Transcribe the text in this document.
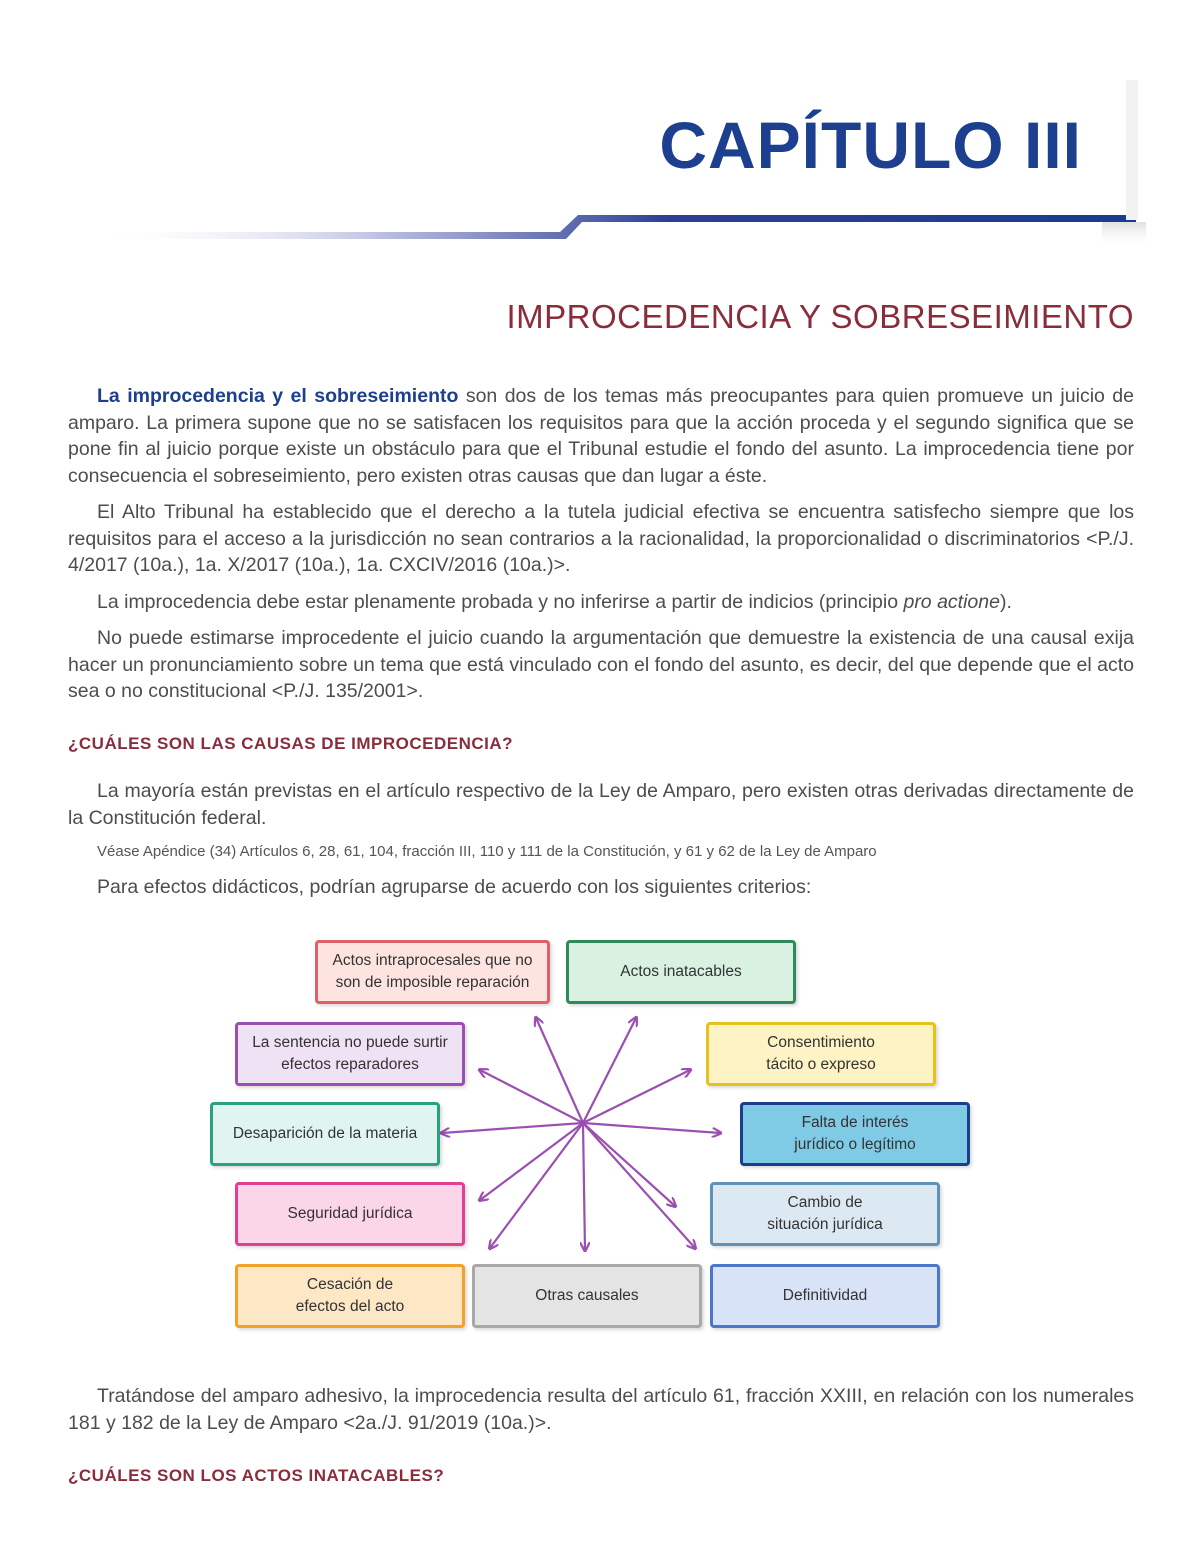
CAPÍTULO III
IMPROCEDENCIA Y SOBRESEIMIENTO

La improcedencia y el sobreseimiento son dos de los temas más preocupantes para quien promueve un juicio de amparo. La primera supone que no se satisfacen los requisitos para que la acción proceda y el segundo significa que se pone fin al juicio porque existe un obstáculo para que el Tribunal estudie el fondo del asunto. La improcedencia tiene por consecuencia el sobreseimiento, pero existen otras causas que dan lugar a éste.

El Alto Tribunal ha establecido que el derecho a la tutela judicial efectiva se encuentra satisfecho siempre que los requisitos para el acceso a la jurisdicción no sean contrarios a la racionalidad, la proporcionalidad o discriminatorios <P./J. 4/2017 (10a.), 1a. X/2017 (10a.), 1a. CXCIV/2016 (10a.)>.

La improcedencia debe estar plenamente probada y no inferirse a partir de indicios (principio pro actione).

No puede estimarse improcedente el juicio cuando la argumentación que demuestre la existencia de una causal exija hacer un pronunciamiento sobre un tema que está vinculado con el fondo del asunto, es decir, del que depende que el acto sea o no constitucional <P./J. 135/2001>.

¿CUÁLES SON LAS CAUSAS DE IMPROCEDENCIA?

La mayoría están previstas en el artículo respectivo de la Ley de Amparo, pero existen otras derivadas directamente de la Constitución federal.

Véase Apéndice (34) Artículos 6, 28, 61, 104, fracción III, 110 y 111 de la Constitución, y 61 y 62 de la Ley de Amparo

Para efectos didácticos, podrían agruparse de acuerdo con los siguientes criterios:

Actos intraprocesales que no
son de imposible reparación
Actos inatacables
La sentencia no puede surtir
efectos reparadores
Consentimiento
tácito o expreso
Desaparición de la materia
Falta de interés
jurídico o legítimo
Seguridad jurídica
Cambio de
situación jurídica
Cesación de
efectos del acto
Otras causales	Definitividad

Tratándose del amparo adhesivo, la improcedencia resulta del artículo 61, fracción XXIII, en relación con los numerales 181 y 182 de la Ley de Amparo <2a./J. 91/2019 (10a.)>.

¿CUÁLES SON LOS ACTOS INATACABLES?
